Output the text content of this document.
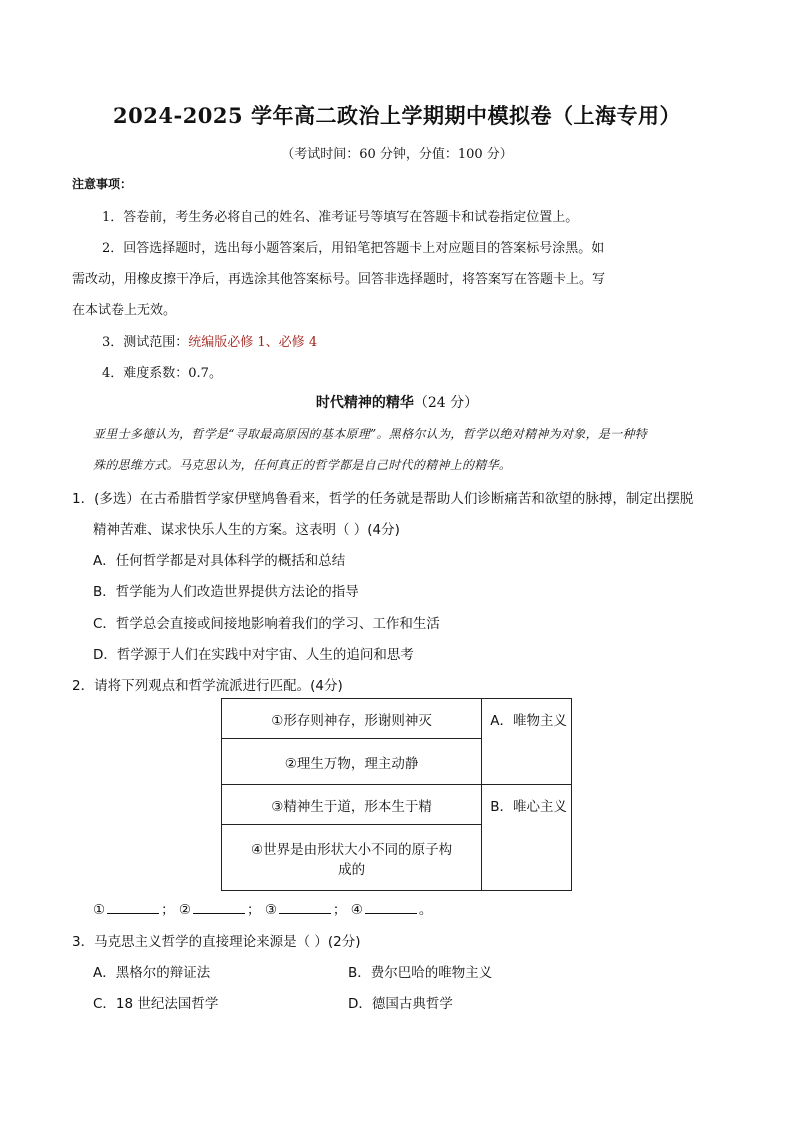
2024-2025 学年高二政治上学期期中模拟卷（上海专用）
（考试时间：60 分钟，分值：100 分）
注意事项：
1．答卷前，考生务必将自己的姓名、准考证号等填写在答题卡和试卷指定位置上。
2．回答选择题时，选出每小题答案后，用铅笔把答题卡上对应题目的答案标号涂黑。如
需改动，用橡皮擦干净后，再选涂其他答案标号。回答非选择题时，将答案写在答题卡上。写
在本试卷上无效。
3．测试范围：统编版必修 1、必修 4
4．难度系数：0.7。
时代精神的精华（24 分）
亚里士多德认为，哲学是“寻取最高原因的基本原理”。黑格尔认为，哲学以绝对精神为对象，是一种特
殊的思维方式。马克思认为，任何真正的哲学都是自己时代的精神上的精华。
1．(多选）在古希腊哲学家伊壁鸠鲁看来，哲学的任务就是帮助人们诊断痛苦和欲望的脉搏，制定出摆脱
精神苦难、谋求快乐人生的方案。这表明（ ）(4分)
A．任何哲学都是对具体科学的概括和总结
B．哲学能为人们改造世界提供方法论的指导
C．哲学总会直接或间接地影响着我们的学习、工作和生活
D．哲学源于人们在实践中对宇宙、人生的追问和思考
2．请将下列观点和哲学流派进行匹配。(4分)
①形存则神存，形谢则神灭	A．唯物主义
②理生万物，理主动静	
③精神生于道，形本生于精	B．唯心主义
④世界是由形状大小不同的原子构成的	
①	； ②	； ③	； ④	。
3．马克思主义哲学的直接理论来源是（ ）(2分)
A．黑格尔的辩证法	B．费尔巴哈的唯物主义
C．18 世纪法国哲学	D．德国古典哲学
